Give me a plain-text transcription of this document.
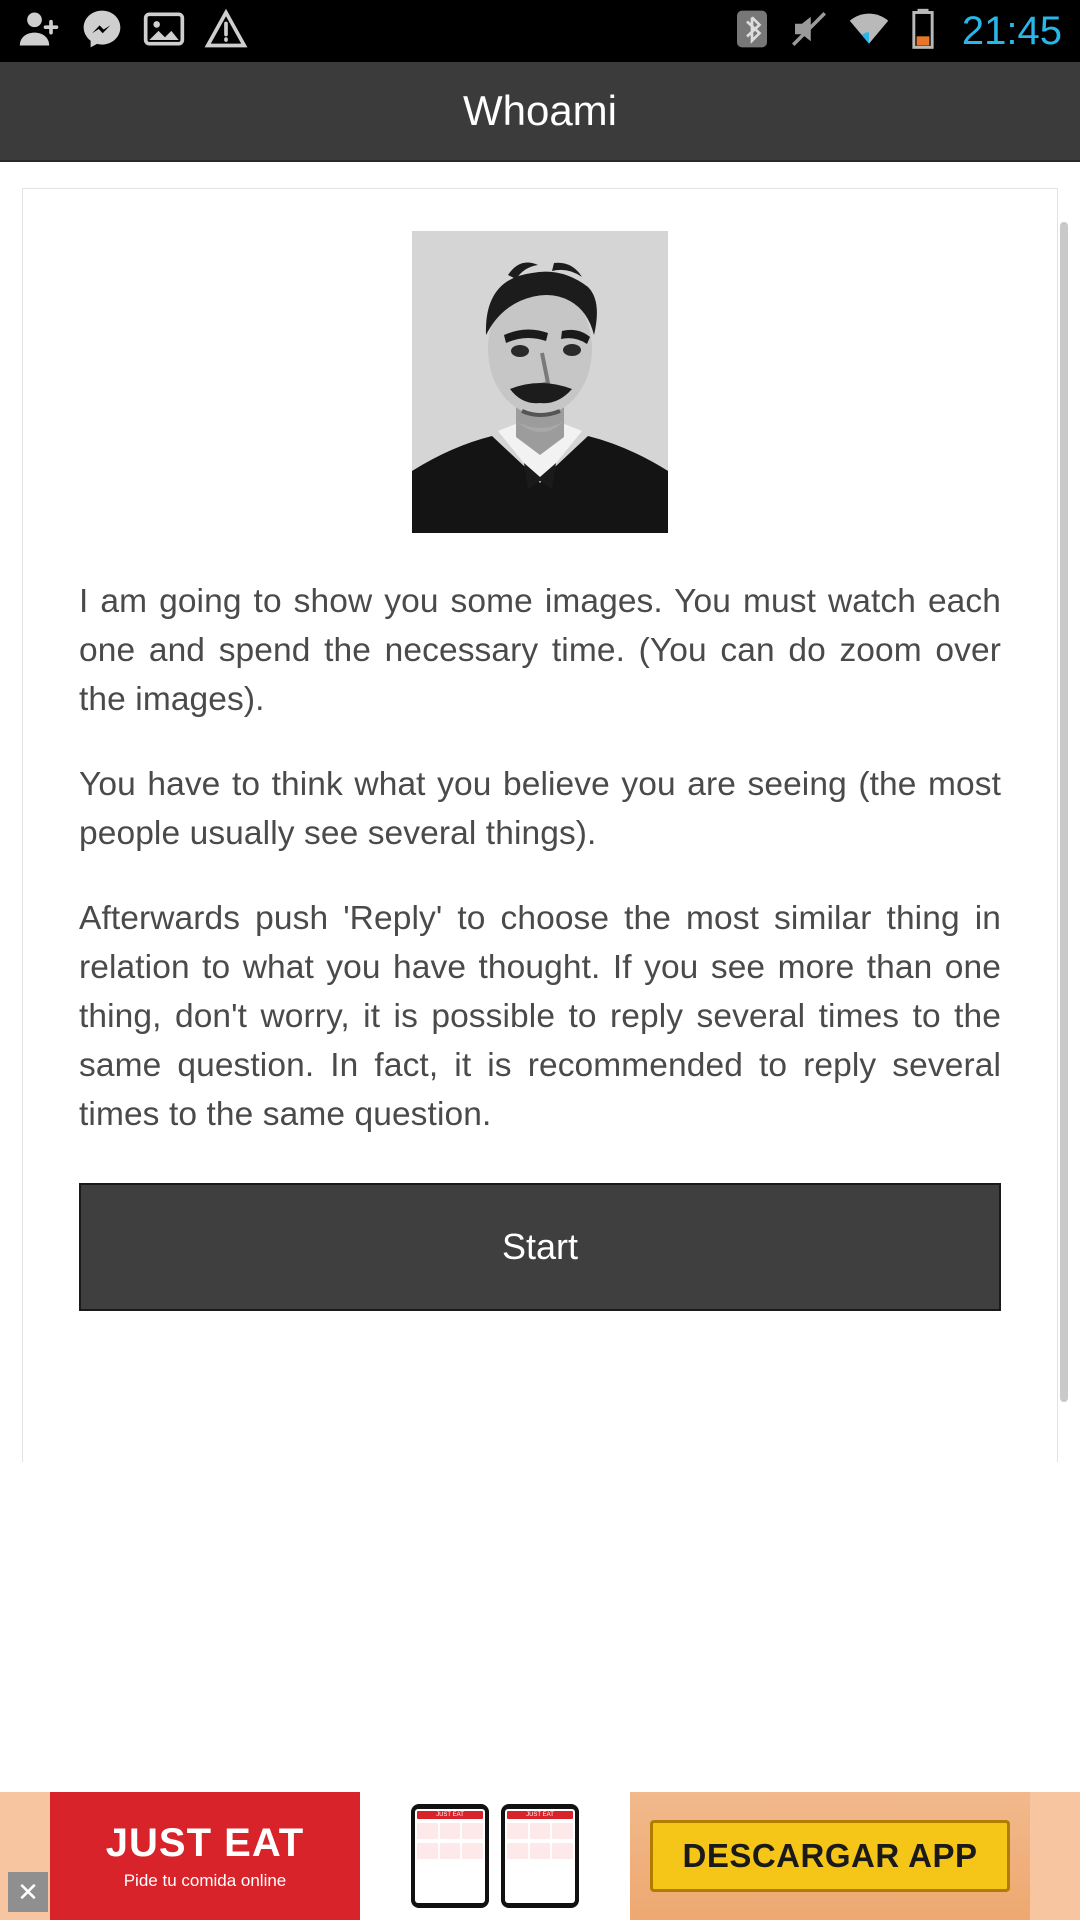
21:45
Whoami

I am going to show you some images. You must watch each one and spend the necessary time. (You can do zoom over the images).

You have to think what you believe you are seeing (the most people usually see several things).

Afterwards push 'Reply' to choose the most similar thing in relation to what you have thought. If you see more than one thing, don't worry, it is possible to reply several times to the same question. In fact, it is recommended to reply several times to the same question.

Start
JUST EAT
Pide tu comida online
JUST EAT	JUST EAT
DESCARGAR APP
✕
